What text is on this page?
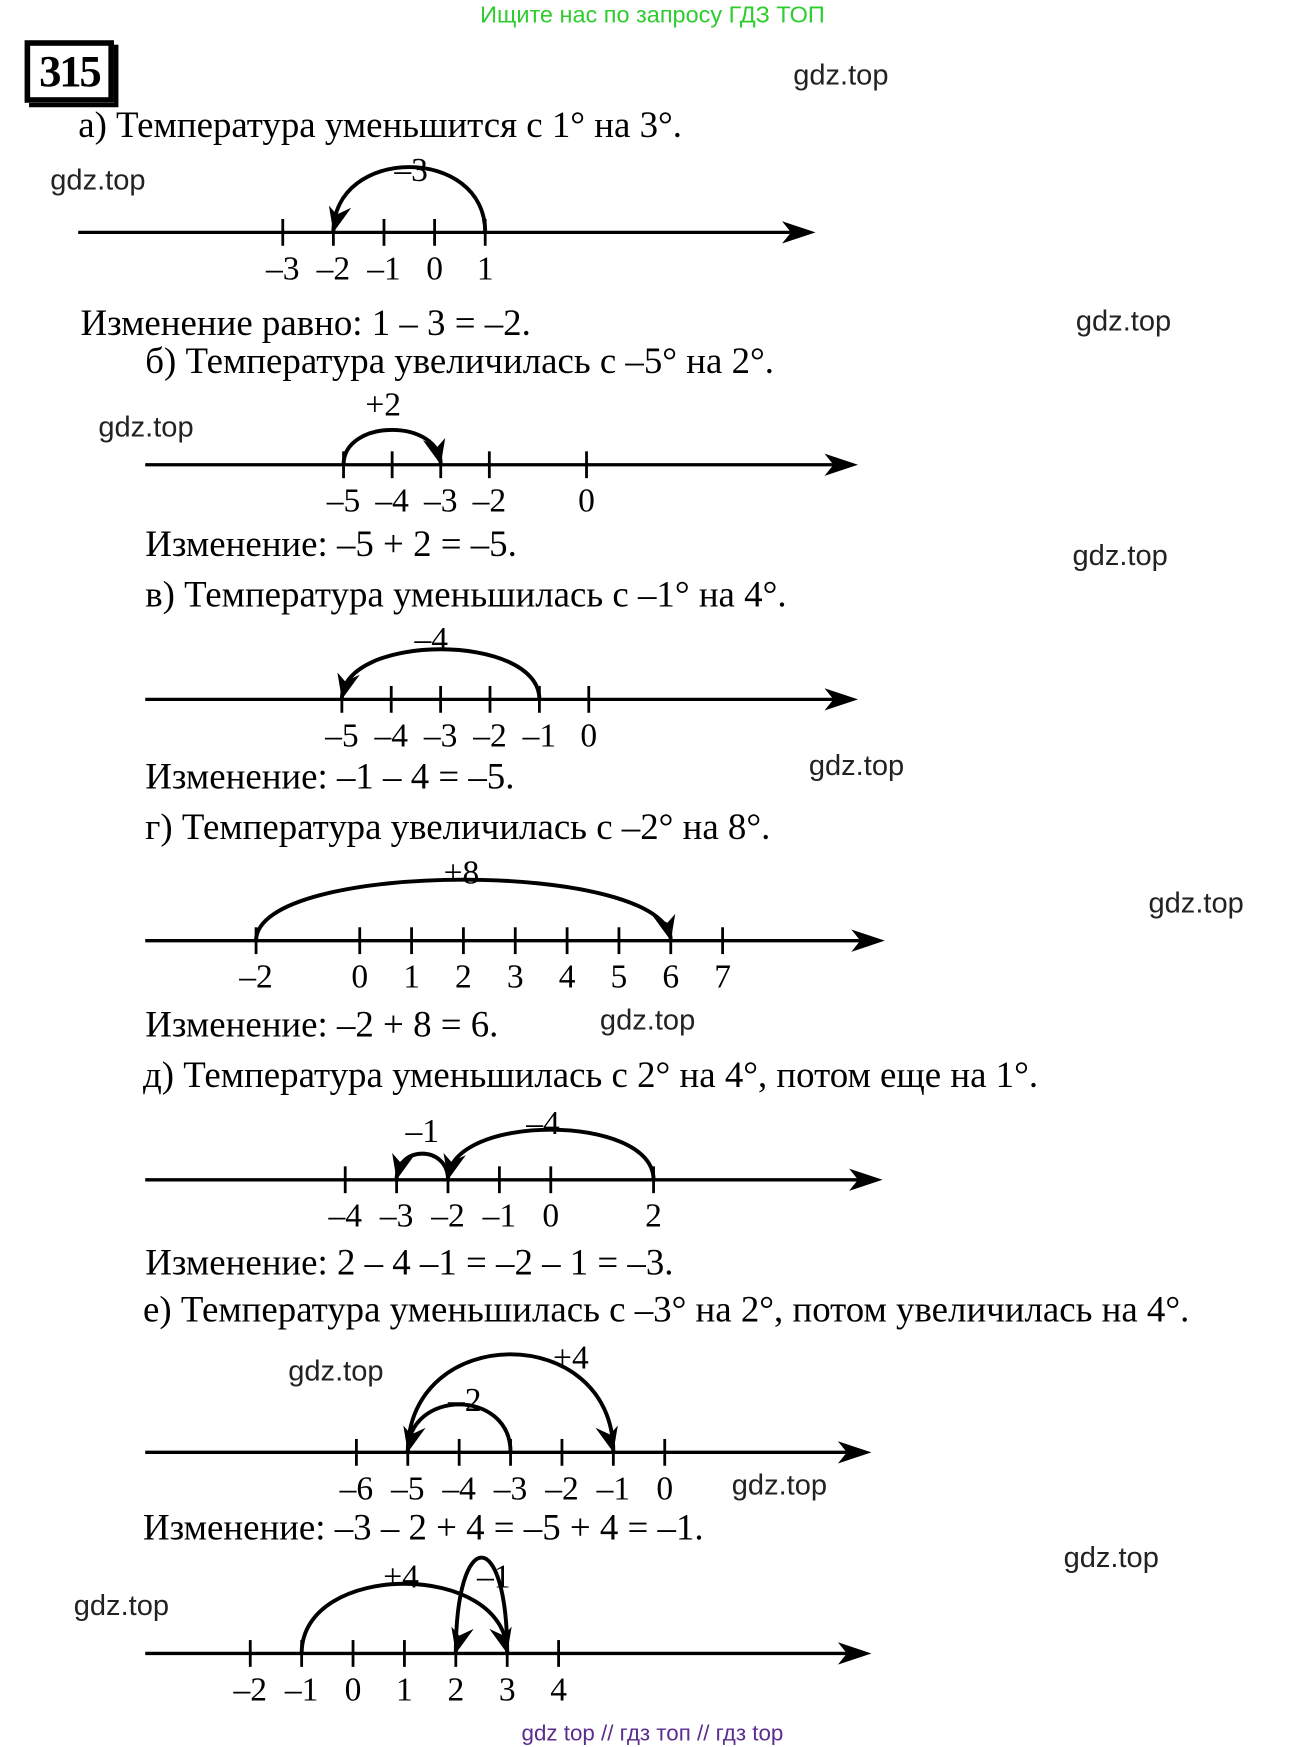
Ищите нас по запросу ГДЗ ТОП
315
а) Температура уменьшится с 1° на 3°.
Изменение равно: 1 – 3 = –2.
б) Температура увеличилась с –5° на 2°.
Изменение: –5 + 2 = –5.
в) Температура уменьшилась с –1° на 4°.
Изменение: –1 – 4 = –5.
г) Температура увеличилась с –2° на 8°.
Изменение: –2 + 8 = 6.
д) Температура уменьшилась с 2° на 4°, потом еще на 1°.
Изменение: 2 – 4 –1 = –2 – 1 = –3.
е) Температура уменьшилась с –3° на 2°, потом увеличилась на 4°.
Изменение: –3 – 2 + 4 = –5 + 4 = –1.
gdz.top
gdz.top
gdz.top
gdz.top
gdz.top
gdz.top
gdz.top
gdz.top
gdz.top
gdz.top
gdz.top
gdz.top
–3 –2 –1 0 1
–3
–5 –4 –3 –2 0
+2
–5 –4 –3 –2 –1 0
–4
–2	0 1 2 3 4 5 6 7
+8
–4 –3 –2 –1 0	2
–4
–1
–6 –5 –4 –3 –2 –1 0
–2
+4
–2 –1 0 1 2 3 4
+4 –1
gdz top // гдз топ // гдз top
